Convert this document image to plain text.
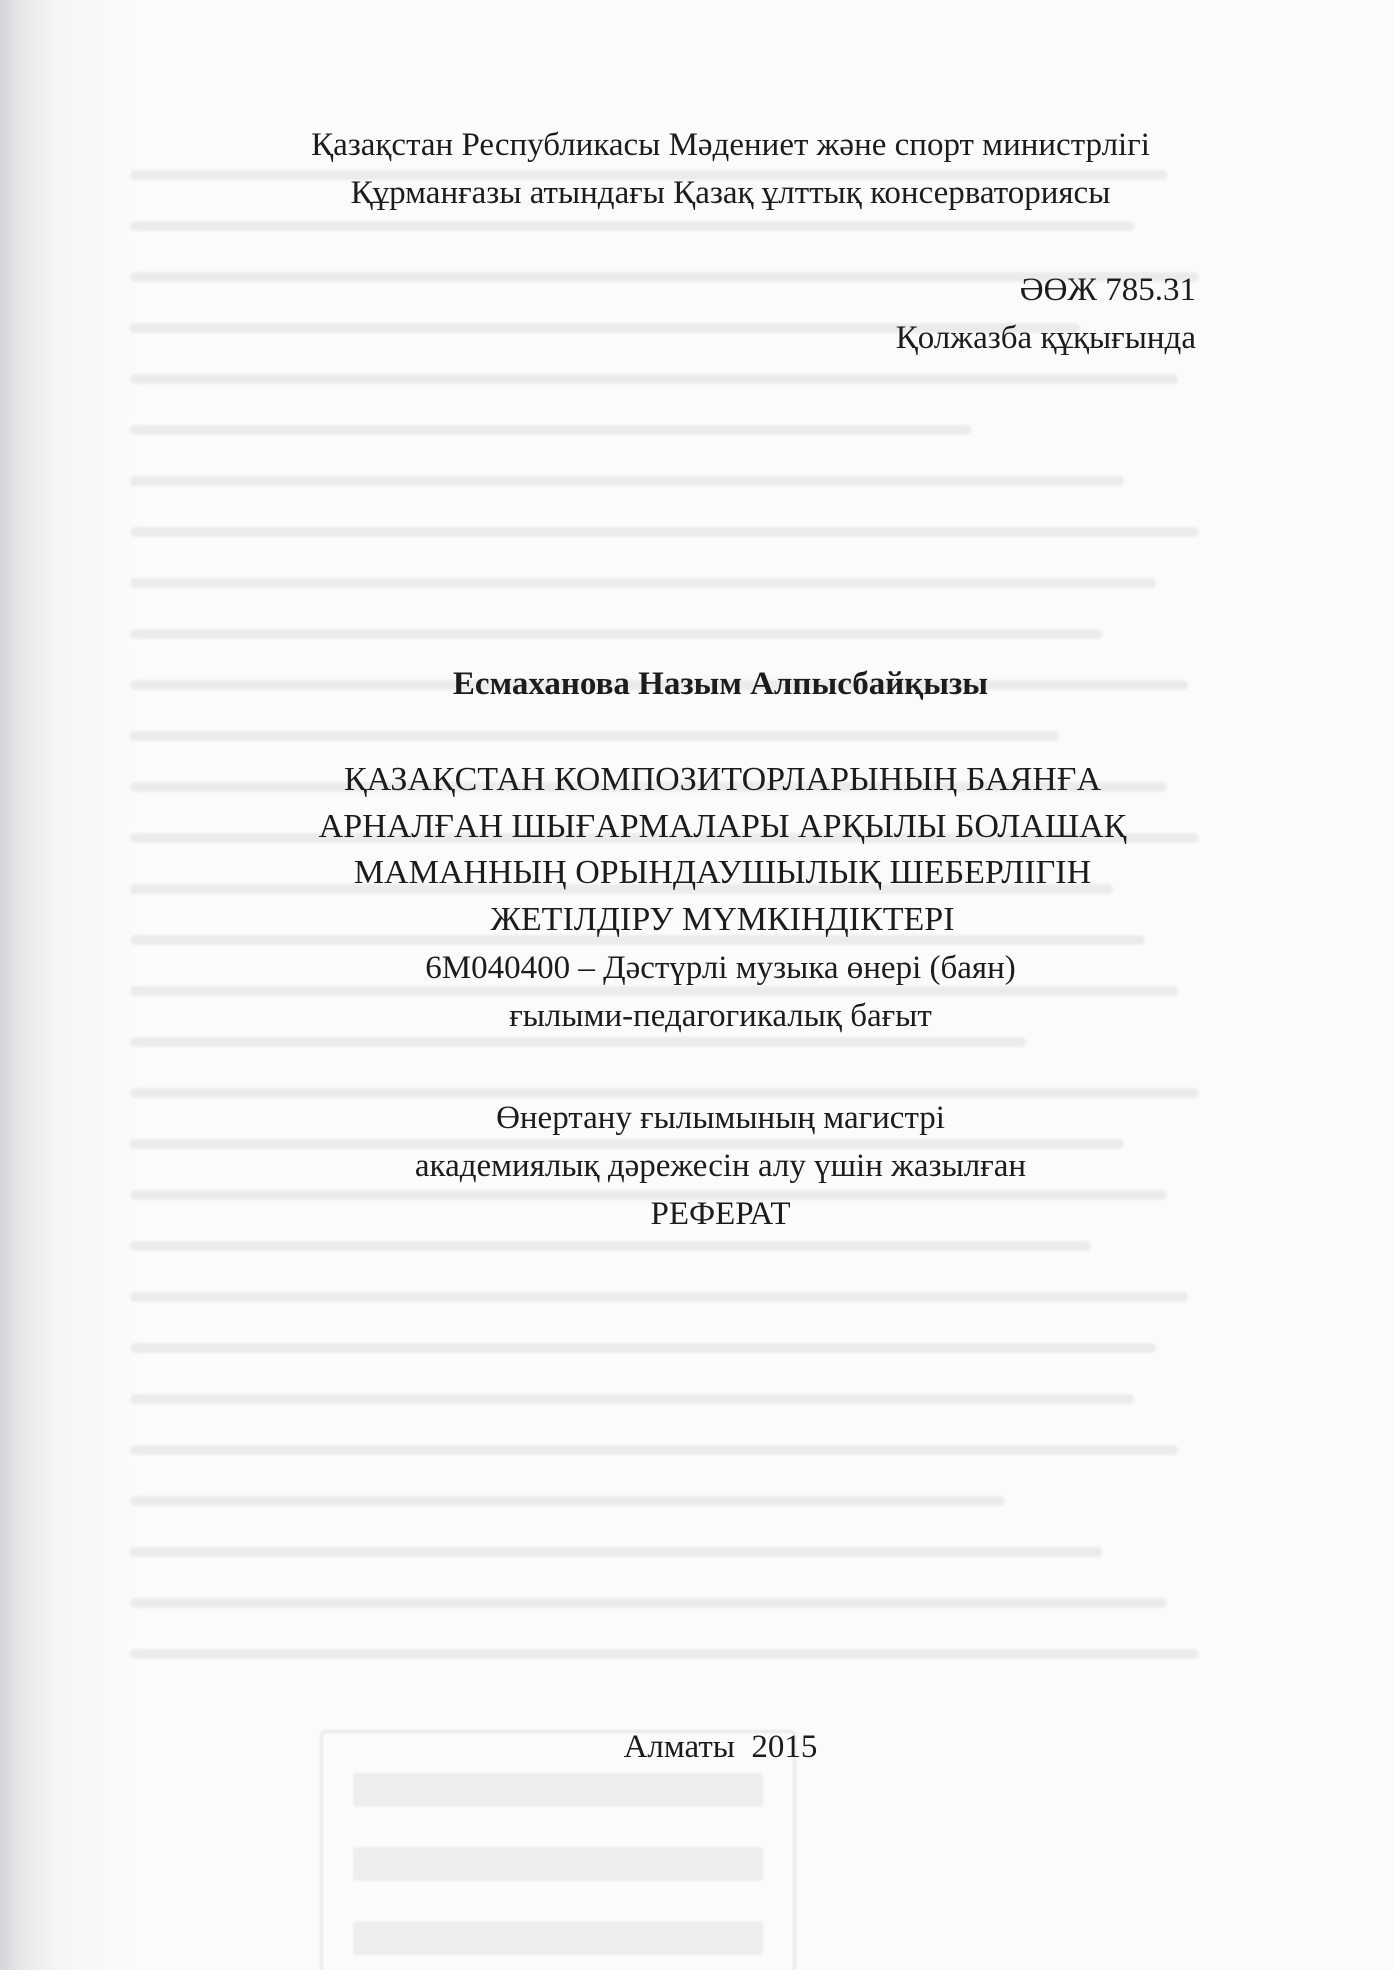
Қазақстан Республикасы Мәдениет және спорт министрлігі
Құрманғазы атындағы Қазақ ұлттық консерваториясы
ӘӨЖ 785.31
Қолжазба құқығында
Есмаханова Назым Алпысбайқызы
ҚАЗАҚСТАН КОМПОЗИТОРЛАРЫНЫҢ БАЯНҒА
АРНАЛҒАН ШЫҒАРМАЛАРЫ АРҚЫЛЫ БОЛАШАҚ
МАМАННЫҢ ОРЫНДАУШЫЛЫҚ ШЕБЕРЛІГІН
ЖЕТІЛДІРУ МҮМКІНДІКТЕРІ
6М040400 – Дәстүрлі музыка өнері (баян)
ғылыми-педагогикалық бағыт
Өнертану ғылымының магистрі
академиялық дәрежесін алу үшін жазылған
РЕФЕРАТ
Алматы  2015
